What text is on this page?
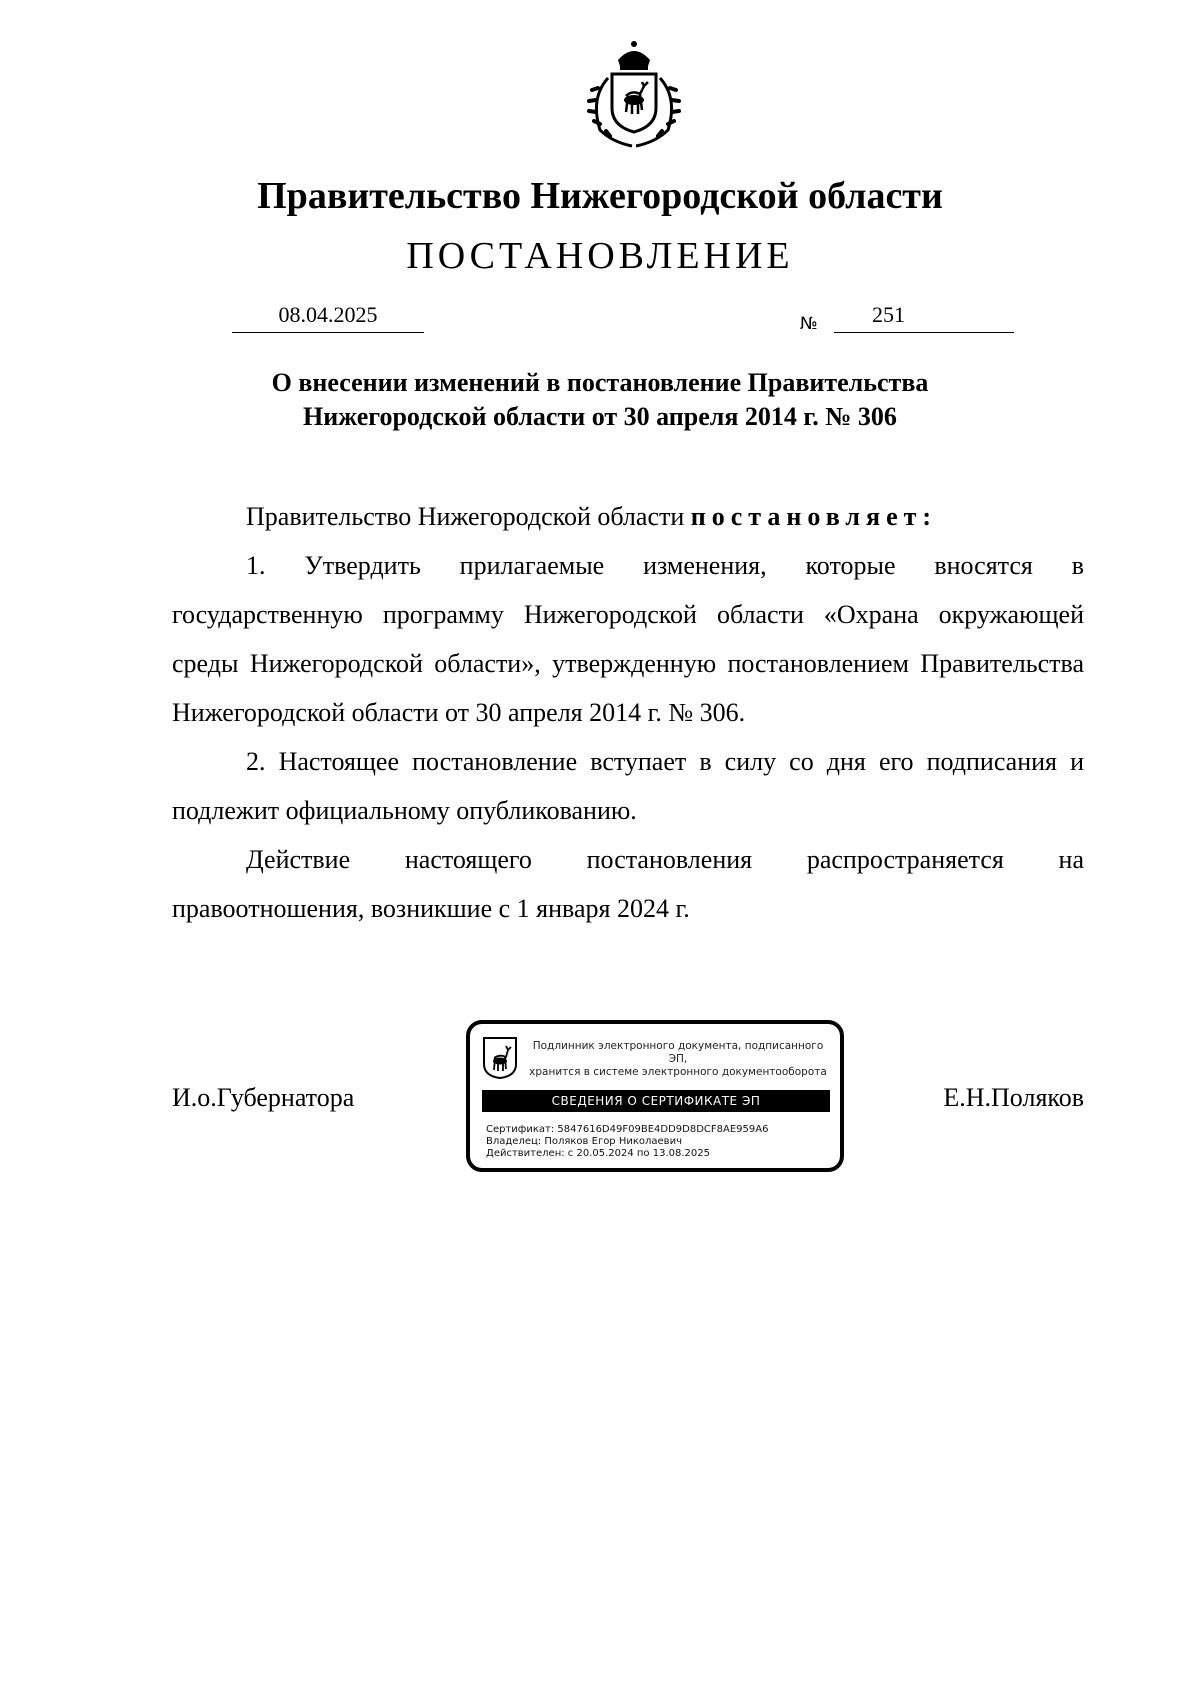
Правительство Нижегородской области
ПОСТАНОВЛЕНИЕ
08.04.2025	№	251
О внесении изменений в постановление Правительства
Нижегородской области от 30 апреля 2014 г. № 306

Правительство Нижегородской области постановляет:

1. Утвердить прилагаемые изменения, которые вносятся в государственную программу Нижегородской области «Охрана окружающей среды Нижегородской области», утвержденную постановлением Правительства Нижегородской области от 30 апреля 2014 г. № 306.

2. Настоящее постановление вступает в силу со дня его подписания и подлежит официальному опубликованию.

Действие настоящего постановления распространяется на правоотношения, возникшие с 1 января 2024 г.

И.о.Губернатора	Е.Н.Поляков
Подлинник электронного документа, подписанного ЭП,
хранится в системе электронного документооборота
СВЕДЕНИЯ О СЕРТИФИКАТЕ ЭП
Сертификат: 5847616D49F09BE4DD9D8DCF8AE959A6
Владелец: Поляков Егор Николаевич
Действителен: с 20.05.2024 по 13.08.2025
